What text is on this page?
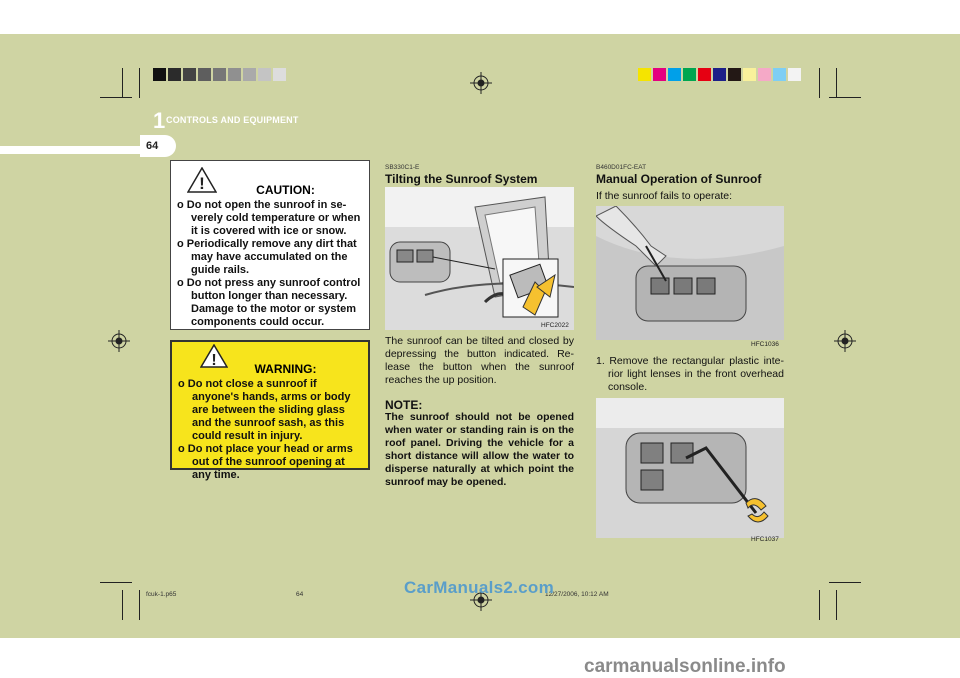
1 CONTROLS AND EQUIPMENT
64
!	CAUTION:

o Do not open the sunroof in se-verely cold temperature or when it is covered with ice or snow.
o Periodically remove any dirt that may have accumulated on the guide rails.
o Do not press any sunroof control button longer than necessary. Damage to the motor or system components could occur.
!	WARNING:

o Do not close a sunroof if anyone's hands, arms or body are between the sliding glass and the sunroof sash, as this could result in injury.
o Do not place your head or arms out of the sunroof opening at any time.
SB330C1-E
Tilting the Sunroof System
HFC2022
The sunroof can be tilted and closed by depressing the button indicated. Re-lease the button when the sunroof reaches the up position.
NOTE:
The sunroof should not be opened when water or standing rain is on the roof panel. Driving the vehicle for a short distance will allow the water to disperse naturally at which point the sunroof may be opened.
B460D01FC-EAT
Manual Operation of Sunroof
If the sunroof fails to operate:
HFC1036
1. Remove the rectangular plastic inte-rior light lenses in the front overhead console.
HFC1037
fcuk-1.p65	64	12/27/2006, 10:12 AM
CarManuals2.com
carmanualsonline.info
